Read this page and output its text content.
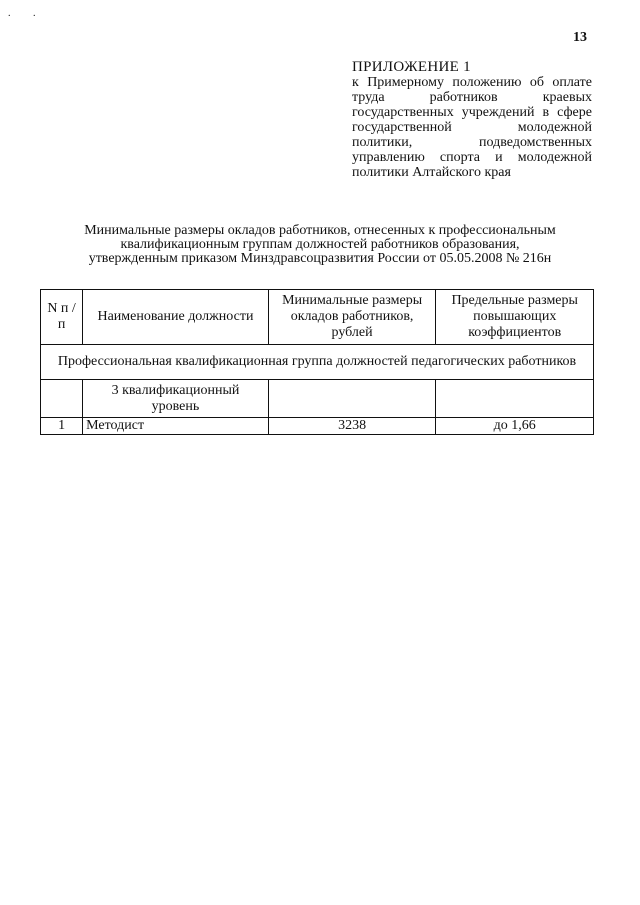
. .
13
ПРИЛОЖЕНИЕ 1
к Примерному положению об оплате труда работников краевых государственных учреждений в сфере государственной молодежной политики, подведомственных управлению спорта и молодежной политики Алтайского края
Минимальные размеры окладов работников, отнесенных к профессиональным квалификационным группам должностей работников образования, утвержденным приказом Минздравсоцразвития России от 05.05.2008 № 216н
N п /п	Наименование должности	Минимальные размеры окладов работников, рублей	Предельные размеры повышающих коэффициентов
Профессиональная квалификационная группа должностей педагогических работников			
	3 квалификационный уровень		
1	Методист	3238	до 1,66
